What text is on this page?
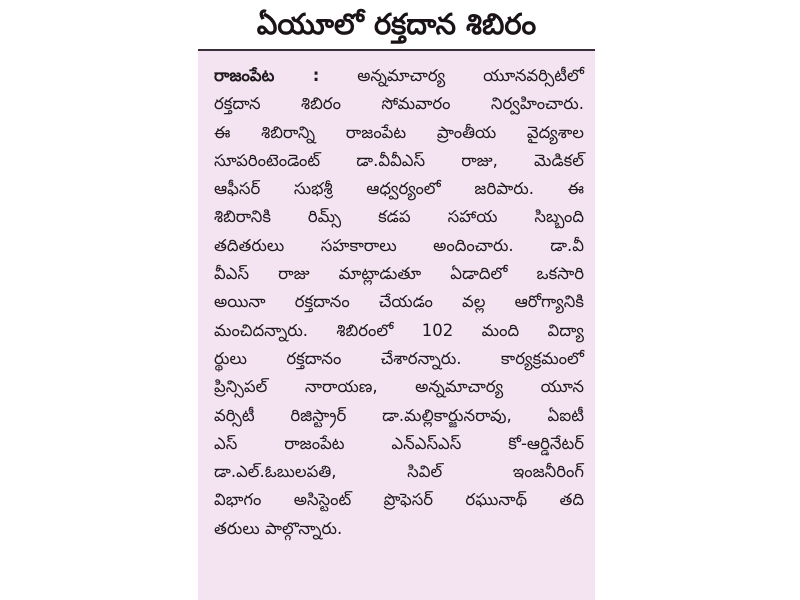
ఏయూలో రక్తదాన శిబిరం
రాజంపేట : అన్నమాచార్య యూనవర్సిటీలో
రక్తదాన శిబిరం సోమవారం నిర్వహించారు.
ఈ శిబిరాన్ని రాజంపేట ప్రాంతీయ వైద్యశాల
సూపరింటెండెంట్ డా.వీవీఎస్ రాజు, మెడికల్
ఆఫీసర్ సుభశ్రీ ఆధ్వర్యంలో జరిపారు. ఈ
శిబిరానికి రిమ్స్ కడప సహాయ సిబ్బంది
తదితరులు సహకారాలు అందించారు. డా.వీ
వీఎస్ రాజు మాట్లాడుతూ ఏడాదిలో ఒకసారి
అయినా రక్తదానం చేయడం వల్ల ఆరోగ్యానికి
మంచిదన్నారు. శిబిరంలో 102 మంది విద్యా
ర్థులు రక్తదానం చేశారన్నారు. కార్యక్రమంలో
ప్రిన్సిపల్ నారాయణ, అన్నమాచార్య యూన
వర్సిటీ రిజిస్ట్రార్ డా.మల్లికార్జునరావు, ఏఐటీ
ఎస్ రాజంపేట ఎన్ఎస్ఎస్ కో-ఆర్డినేటర్
డా.ఎల్.ఓబులపతి, సివిల్ ఇంజనీరింగ్
విభాగం అసిస్టెంట్ ప్రొఫెసర్ రఘునాథ్ తది
తరులు పాల్గొన్నారు.
